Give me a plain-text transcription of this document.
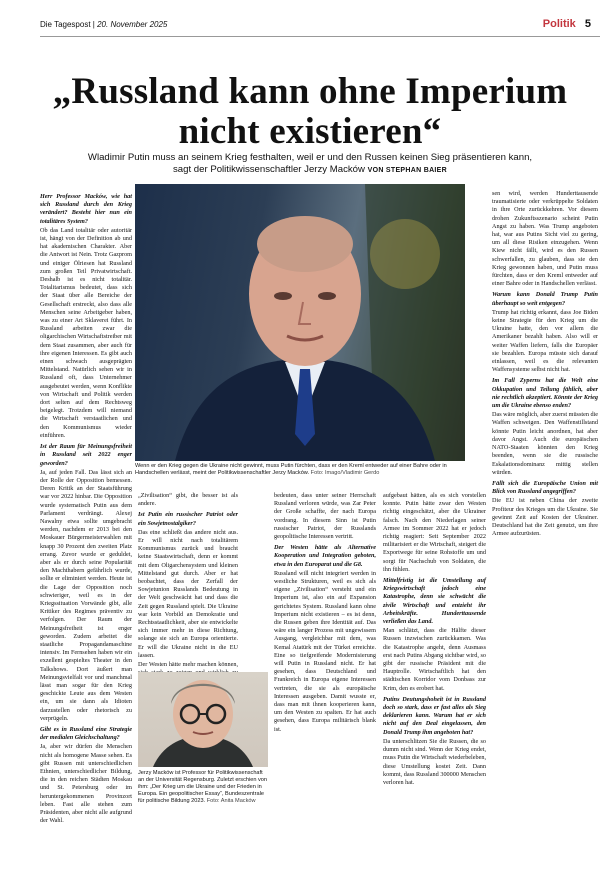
Die Tagespost | 20. November 2025	Politik 5
„Russland kann ohne Imperium nicht existieren“
Wladimir Putin muss an seinem Krieg festhalten, weil er und den Russen keinen Sieg präsentieren kann, sagt der Politikwissenschaftler Jerzy Macków VON STEPHAN BAIER

Herr Professor Macków, wie hat sich Russland durch den Krieg verändert? Besteht hier nun ein totalitäres System?

Ob das Land totalitär oder autoritär ist, hängt von der Definition ab und hat akademischen Charakter. Aber die Antwort ist Nein. Trotz Gazprom und einiger Ölriesen hat Russland zum großen Teil Privatwirtschaft. Deshalb ist es nicht totalitär. Totalitarismus bedeutet, dass sich der Staat über alle Bereiche der Gesellschaft erstreckt, also dass alle Menschen seine Arbeitgeber haben, was zu einer Art Sklaverei führt. In Russland arbeiten zwar die oligarchischen Wirtschaftstreiber mit dem Staat zusammen, aber auch für ihre eigenen Interessen. Es gibt auch einen schwach ausgeprägten Mittelstand. Natürlich sehen wir in Russland oft, dass Unternehmer ausgebeutet werden, wenn Konflikte von Wirtschaft und Politik werden dort selten auf dem Rechtsweg beigelegt. Trotzdem will niemand die Wirtschaft verstaatlichen und den Kommunismus wieder einführen.

Ist der Raum für Meinungsfreiheit in Russland seit 2022 enger geworden?

Ja, auf jeden Fall. Das lässt sich an der Rolle der Opposition bemessen. Deren Kritik an der Staatsführung war vor 2022 hinbar. Die Opposition wurde systematisch Putin aus dem Parlament verdrängt. Alexej Nawalny etwa sollte umgebracht werden, nachdem er 2013 bei den Moskauer Bürgermeisterwahlen mit knapp 30 Prozent den zweiten Platz errang. Zuvor wurde er geduldet, aber als er durch seine Popularität den Machthabern gefährlich wurde, sollte er eliminiert werden. Heute ist die Lage der Opposition noch schwieriger, weil es in der Kriegssituation Vorwände gibt, alle Kritiker des Regimes präventiv zu verfolgen. Der Raum der Meinungsfreiheit ist enger geworden. Zudem arbeitet die staatliche Propagandamaschine intensiv. Im Fernsehen haben wir ein exzellent gespieltes Theater in den Talkshows. Dort äußert man Meinungsvielfalt vor und manchmal lässt man sogar für den Krieg geschickte Leute aus dem Westen ein, um sie dann als Idioten darzustellen oder rhetorisch zu verprügeln.

Gibt es in Russland eine Strategie der medialen Gleichschaltung?

Ja, aber wir dürfen die Menschen nicht als homogene Masse sehen. Es gibt Russen mit unterschiedlichen Ethnien, unterschiedlicher Bildung, die in den reichen Städten Moskau und St. Petersburg oder im heruntergekommenen Provinzort leben. Fast alle stehen zum Präsidenten, aber nicht alle aufgrund der Wahl.

Wenn er den Krieg gegen die Ukraine nicht gewinnt, muss Putin fürchten, dass er den Kreml entweder auf einer Bahre oder in Handschellen verlässt, meint der Politikwissenschaftler Jerzy Macków. Foto: Imago/Vladimir Gerdo

„Zivilisation“ gibt, die besser ist als andere.

Ist Putin ein russischer Patriot oder ein Sowjetnostalgiker?

Das eine schließt das andere nicht aus. Er will nicht nach totalitärem Kommunismus zurück und braucht keine Staatswirtschaft, denn er kommt mit dem Oligarchensystem und kleinen Mittelstand gut durch. Aber er hat beobachtet, dass der Zerfall der Sowjetunion Russlands Bedeutung in der Welt geschwächt hat und dass die Zeit gegen Russland spielt. Die Ukraine war kein Vorbild an Demokratie und Rechtsstaatlichkeit, aber sie entwickelte sich immer mehr in diese Richtung, solange sie sich an Europa orientierte. Er will die Ukraine nicht in die EU lassen.

Der Westen hätte mehr machen können,

Jerzy Macków ist Professor für Politikwissenschaft an der Universität Regensburg. Zuletzt erschien von ihm: „Der Krieg um die Ukraine und der Frieden in Europa. Ein geopolitischer Essay“, Bundeszentrale für politische Bildung 2023. Foto: Anita Macków

bedeuten, dass unter seiner Herrschaft Russland verloren würde, was Zar Peter der Große schaffte, der nach Europa vordrang. In diesem Sinn ist Putin russischer Patriot, der Russlands geopolitische Interessen vertritt.

Der Westen hätte als Alternative Kooperation und Integration geboten, etwa in den Europarat und die G8.

Russland will nicht integriert werden in westliche Strukturen, weil es sich als eigene „Zivilisation“ versteht und ein Imperium ist, also ein auf Expansion gerichtetes System. Russland kann ohne Imperium nicht existieren – es ist denn, die Russen geben ihre Identität auf. Das wäre ein langer Prozess mit ungewissem Ausgang, vergleichbar mit dem, was Kemal Atatürk mit der Türkei erreichte. Eine so tiefgreifende Modernisierung will Putin in Russland nicht. Er hat gesehen, dass Deutschland und Frankreich in Europa eigene Interessen vertreten, die sie als europäische Interessen ausgeben. Damit wusste er, dass man mit ihnen kooperieren kann, um den Westen zu spalten. Er hat auch gesehen, dass Europa militärisch blank ist.

aufgebaut hätten, als es sich vorstellen konnte. Putin hätte zwar den Westen richtig eingeschätzt, aber die Ukrainer falsch. Nach den Niederlagen seiner Armee im Sommer 2022 hat er jedoch richtig reagiert: Seit September 2022 militarisiert er die Wirtschaft, steigert die Exportwege für seine Rohstoffe um und sorgt für Nachschub von Soldaten, die ihn fühlen.

Mittelfristig ist die Umstellung auf Kriegswirtschaft jedoch eine Katastrophe, denn sie schwächt die zivile Wirtschaft und entzieht ihr Arbeitskräfte. Hunderttausende verließen das Land.

Man schlätzt, dass die Hälfte dieser Russen inzwischen zurückkamen. Was die Katastrophe angeht, denn Ausmass erst nach Putins Abgang sichtbar wird, so gibt der russische Präsident mit die Hauptrolle. Wirtschaftlich hat den städtischen Korridor vom Donbass zur Krim, den es erobert hat.

Putins Deutungshoheit ist in Russland doch so stark, dass er fast alles als Sieg deklarieren kann. Warum hat er sich nicht auf den Deal eingelassen, den Donald Trump ihm angeboten hat?

Da unterschlitzen Sie die Russen, die so dumm nicht sind. Wenn der Krieg endet, muss Putin die Wirtschaft wiederbeleben, diese Umstellung kostet Zeit. Dann kommt, dass Russland 300000 Menschen verloren hat.

sen wird, werden Hunderttausende traumatisierte oder verkrüppelte Soldaten in ihre Orte zurückkehren. Vor diesem drohen Zukunftsszenario scheint Putin Angst zu haben. Was Trump angeboten hat, war aus Putins Sicht viel zu gering, um all diese Risiken einzugehen. Wenn Kiew nicht fällt, wird es den Russen schwerfallen, zu glauben, dass sie den Krieg gewonnen haben, und Putin muss fürchten, dass er den Kreml entweder auf einer Bahre oder in Handschellen verlässt.

Warum kann Donald Trump Putin überhaupt so weit entgegen?

Trump hat richtig erkannt, dass Joe Biden keine Strategie für den Krieg um die Ukraine hatte, den vor allem die Amerikaner bezahlt haben. Also will er weiter Waffen liefern, falls die Europäer sie bezahlen. Europa müsste sich darauf einlassen, weil es die relevanten Waffensysteme selbst nicht hat.

Im Fall Zyperns hat die Welt eine Okkupation und Teilung fählich, aber nie rechtlich akzeptiert. Könnte der Krieg um die Ukraine ebenso enden?

Das wäre möglich, aber zuerst müssten die Waffen schweigen. Den Waffenstillstand könnte Putin leicht anordnen, hat aber davor Angst. Auch die europäischen NATO-Staaten könnten den Krieg beenden, wenn sie die russische Eskalationsdominanz mittig stellen würden.

Fällt sich die Europäische Union mit Blick von Russland angegriffen?

Die EU ist neben China der zweite Profiteur des Krieges um die Ukraine. Sie gewinnt Zeit auf Kosten der Ukrainer. Deutschland hat die Zeit genutzt, um ihre Armee aufzurüsten.
